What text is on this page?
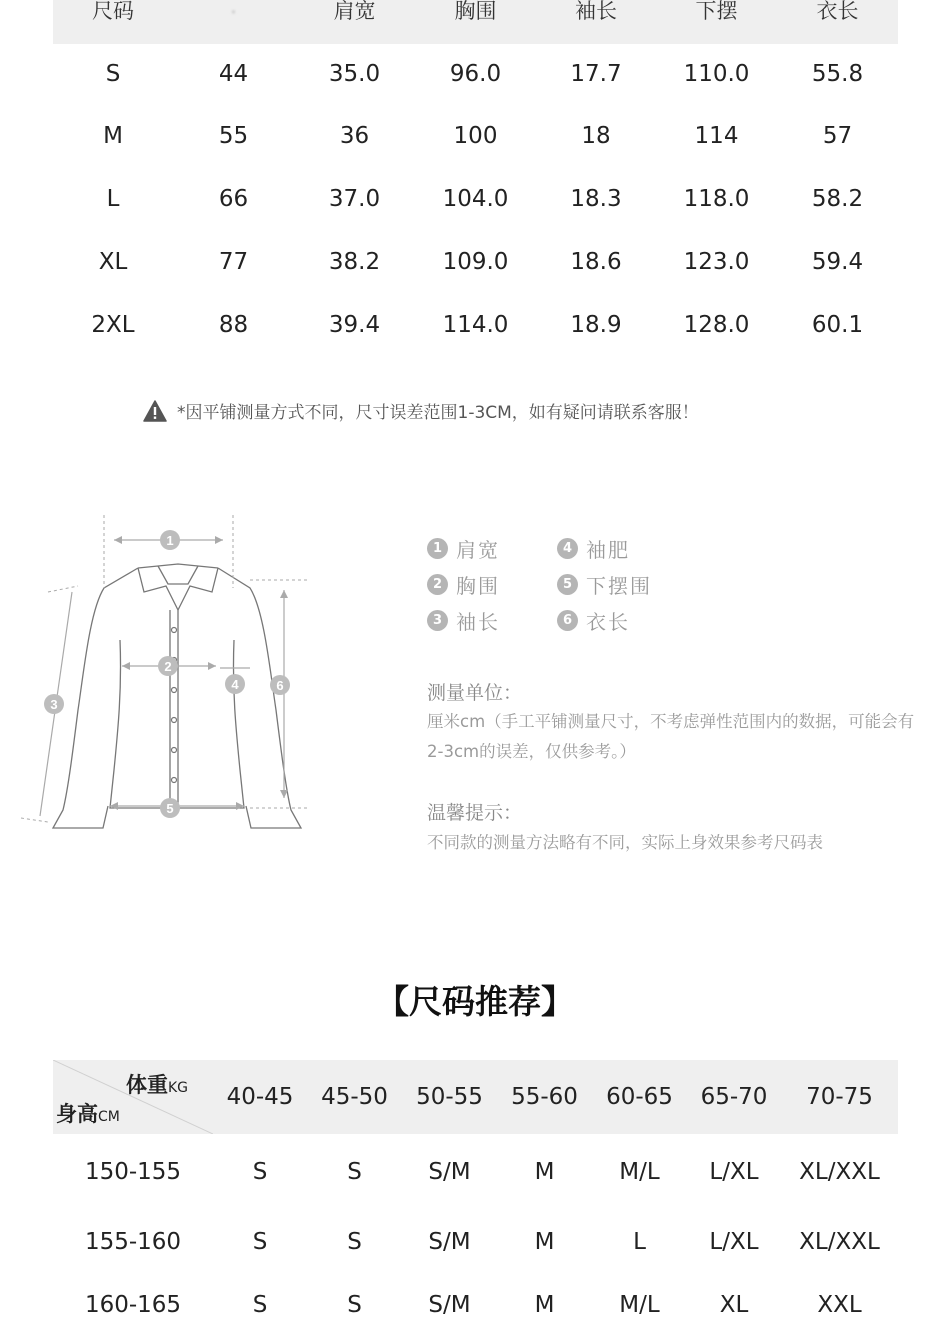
尺码	·	肩宽	胸围	袖长	下摆	衣长
S	44	35.0	96.0	17.7	110.0	55.8
M	55	36	100	18	114	57
L	66	37.0	104.0	18.3	118.0	58.2
XL	77	38.2	109.0	18.6	123.0	59.4
2XL	88	39.4	114.0	18.9	128.0	60.1
*因平铺测量方式不同，尺寸误差范围1-3CM，如有疑问请联系客服！
1
2
3
4
5
6
1 肩宽	4 袖肥
2 胸围	5 下摆围
3 袖长	6 衣长
测量单位：
厘米cm（手工平铺测量尺寸，不考虑弹性范围内的数据，可能会有2-3cm的误差，仅供参考。）
温馨提示：
不同款的测量方法略有不同，实际上身效果参考尺码表
【尺码推荐】
体重KG
身高CM	40-45	45-50	50-55	55-60	60-65	65-70	70-75
150-155	S	S	S/M	M	M/L	L/XL	XL/XXL
155-160	S	S	S/M	M	L	L/XL	XL/XXL
160-165	S	S	S/M	M	M/L	XL	XXL
